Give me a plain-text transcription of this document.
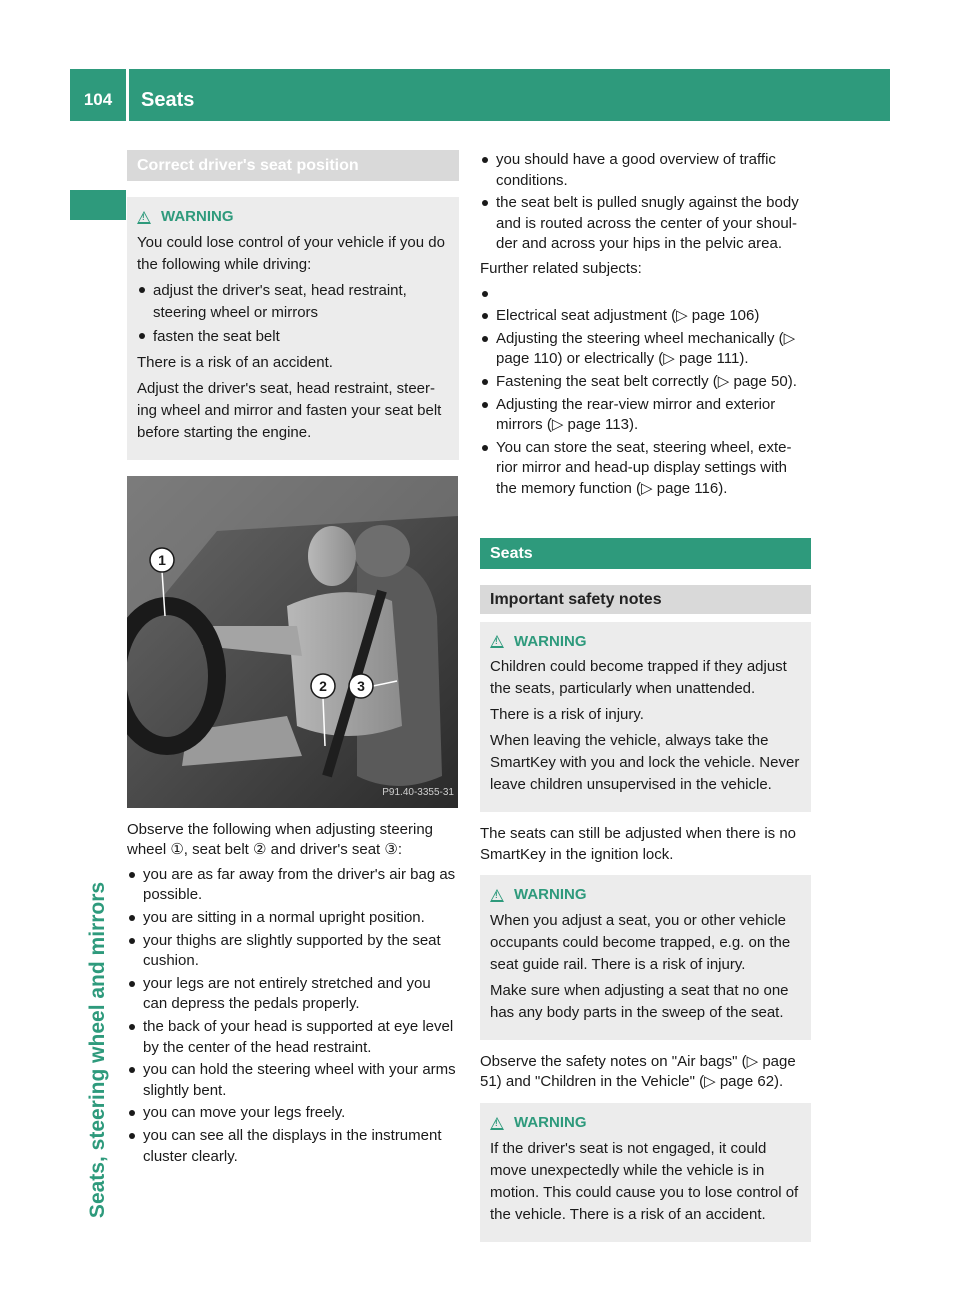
104	Seats
Seats, steering wheel and mirrors
Correct driver's seat position
!
WARNING
You could lose control of your vehicle if you do the following while driving:
adjust the driver's seat, head restraint, steering wheel or mirrors
fasten the seat belt
There is a risk of an accident.
Adjust the driver's seat, head restraint, steer-ing wheel and mirror and fasten your seat belt before starting the engine.
1
2 3
P91.40-3355-31
Observe the following when adjusting steering wheel ①, seat belt ② and driver's seat ③:
you are as far away from the driver's air bag as possible.
you are sitting in a normal upright position.
your thighs are slightly supported by the seat cushion.
your legs are not entirely stretched and you can depress the pedals properly.
the back of your head is supported at eye level by the center of the head restraint.
you can hold the steering wheel with your arms slightly bent.
you can move your legs freely.
you can see all the displays in the instrument cluster clearly.
you should have a good overview of traffic conditions.
the seat belt is pulled snugly against the body and is routed across the center of your shoul-der and across your hips in the pelvic area.
Further related subjects:

Electrical seat adjustment (▷ page 106)
Adjusting the steering wheel mechanically (▷ page 110) or electrically (▷ page 111).
Fastening the seat belt correctly (▷ page 50).
Adjusting the rear-view mirror and exterior mirrors (▷ page 113).
You can store the seat, steering wheel, exte-rior mirror and head-up display settings with the memory function (▷ page 116).
Seats
Important safety notes
!
WARNING
Children could become trapped if they adjust the seats, particularly when unattended.
There is a risk of injury.
When leaving the vehicle, always take the SmartKey with you and lock the vehicle. Never leave children unsupervised in the vehicle.
The seats can still be adjusted when there is no SmartKey in the ignition lock.
!
WARNING
When you adjust a seat, you or other vehicle occupants could become trapped, e.g. on the seat guide rail. There is a risk of injury.
Make sure when adjusting a seat that no one has any body parts in the sweep of the seat.
Observe the safety notes on "Air bags" (▷ page 51) and "Children in the Vehicle" (▷ page 62).
!
WARNING
If the driver's seat is not engaged, it could move unexpectedly while the vehicle is in motion. This could cause you to lose control of the vehicle. There is a risk of an accident.
